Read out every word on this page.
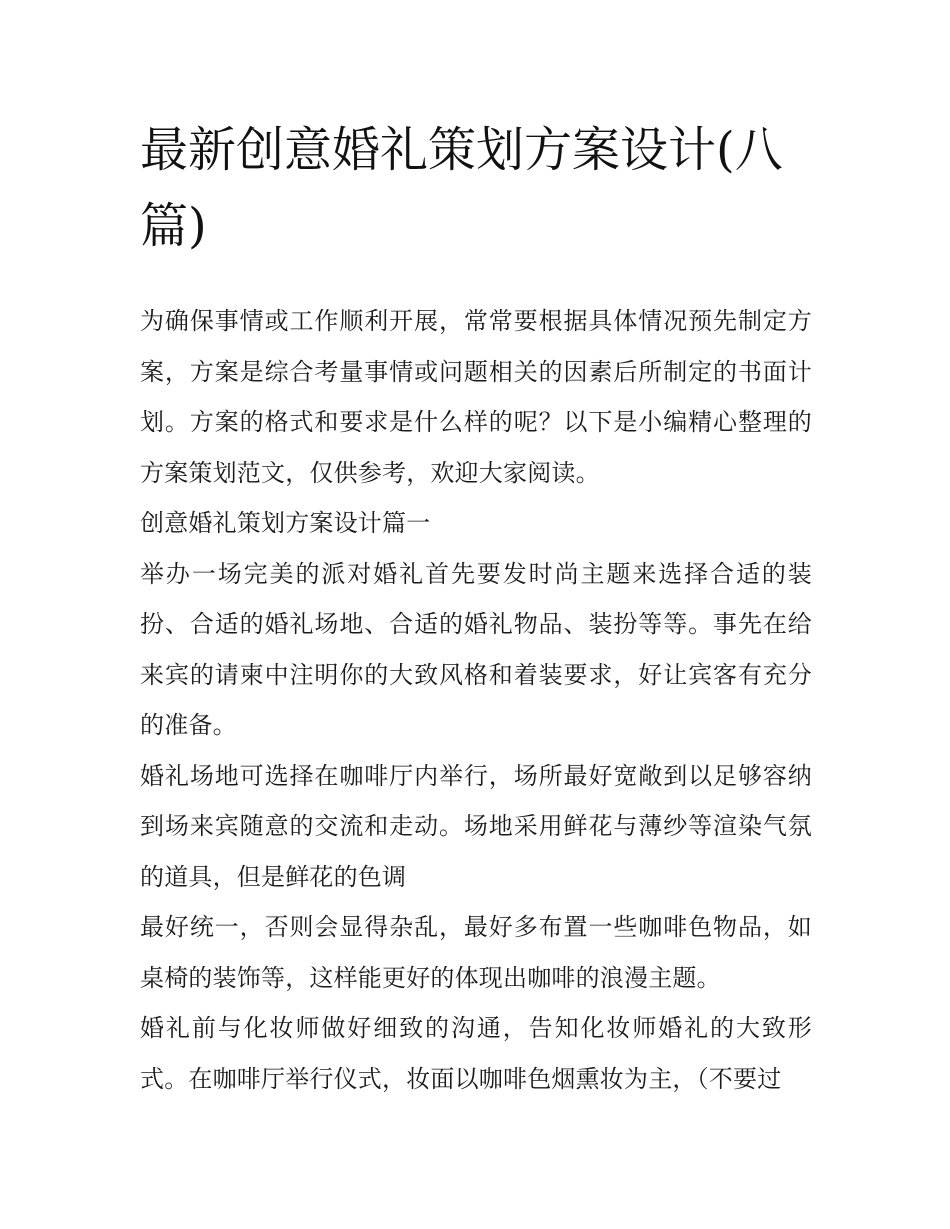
最新创意婚礼策划方案设计(八篇)

为确保事情或工作顺利开展，常常要根据具体情况预先制定方案，方案是综合考量事情或问题相关的因素后所制定的书面计划。方案的格式和要求是什么样的呢？以下是小编精心整理的方案策划范文，仅供参考，欢迎大家阅读。

创意婚礼策划方案设计篇一

举办一场完美的派对婚礼首先要发时尚主题来选择合适的装扮、合适的婚礼场地、合适的婚礼物品、装扮等等。事先在给来宾的请柬中注明你的大致风格和着装要求，好让宾客有充分的准备。

婚礼场地可选择在咖啡厅内举行，场所最好宽敞到以足够容纳到场来宾随意的交流和走动。场地采用鲜花与薄纱等渲染气氛的道具，但是鲜花的色调

最好统一，否则会显得杂乱，最好多布置一些咖啡色物品，如桌椅的装饰等，这样能更好的体现出咖啡的浪漫主题。

婚礼前与化妆师做好细致的沟通，告知化妆师婚礼的大致形式。在咖啡厅举行仪式，妆面以咖啡色烟熏妆为主，（不要过
